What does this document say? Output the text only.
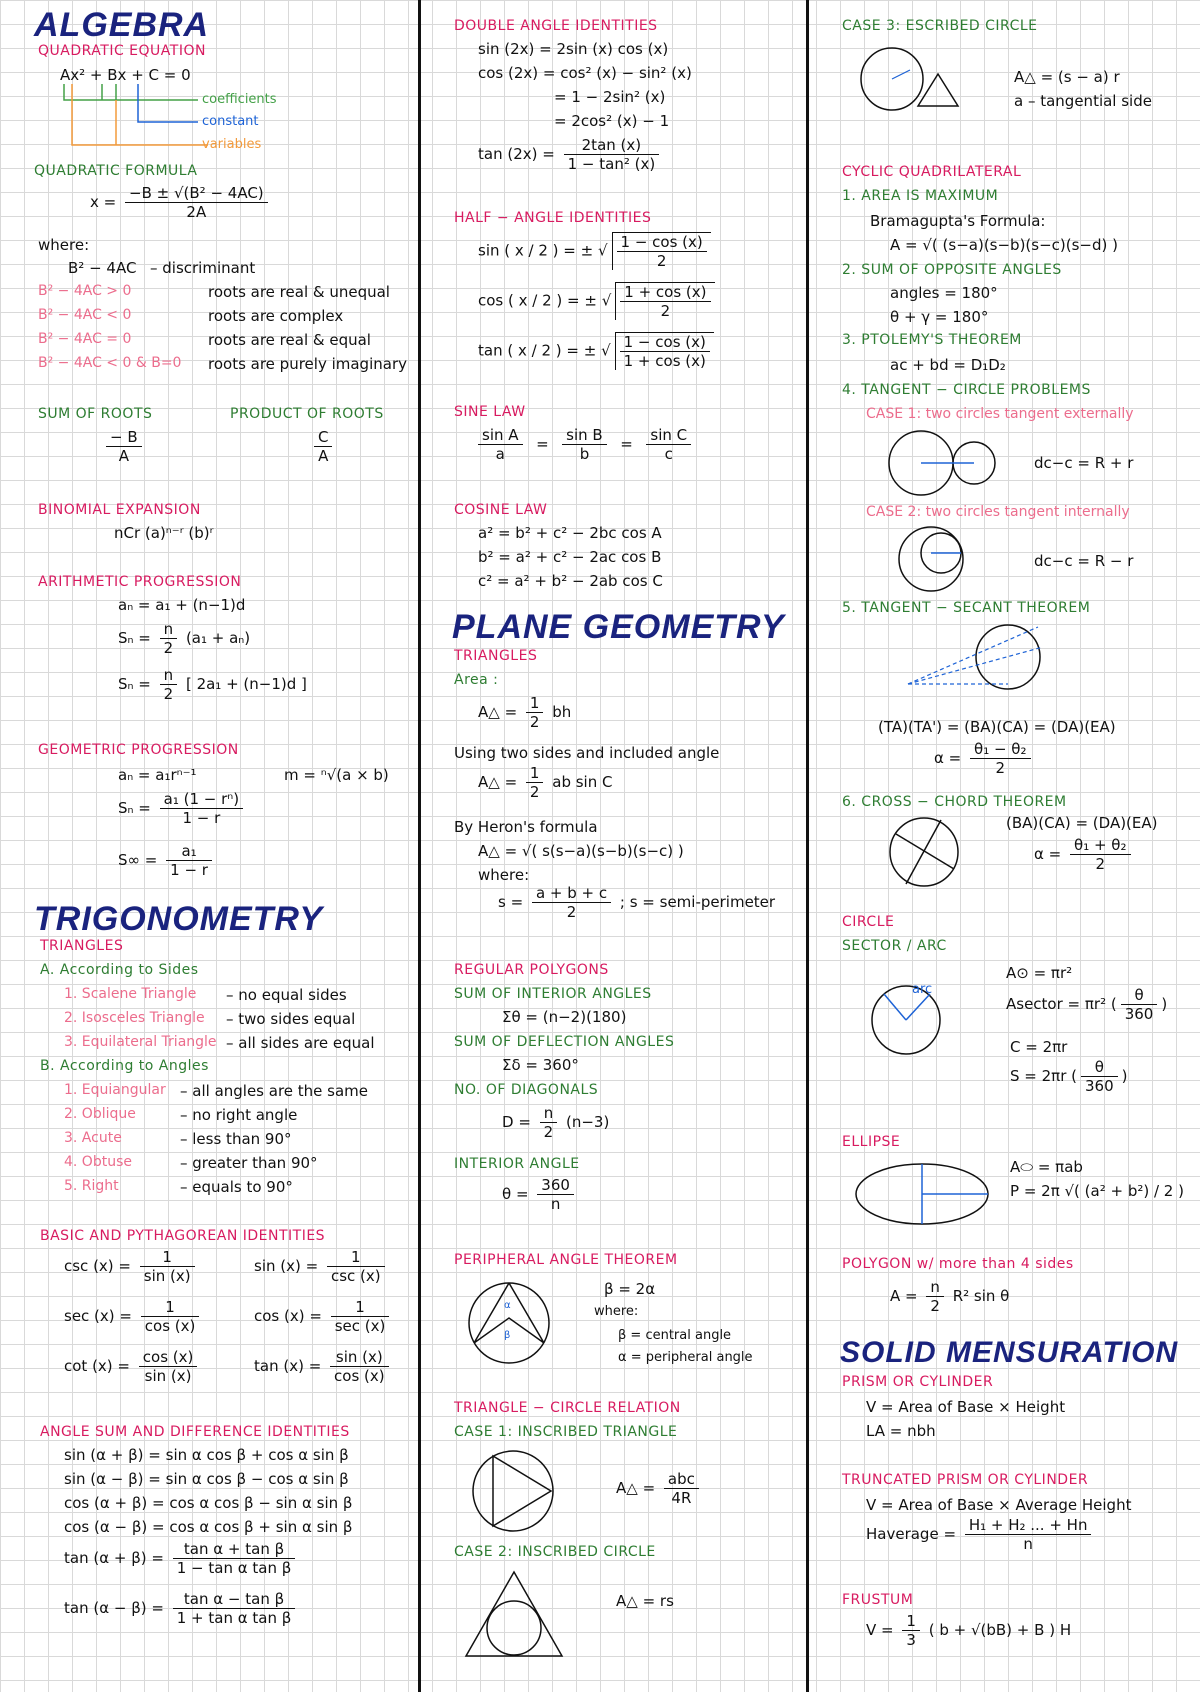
ALGEBRA
QUADRATIC EQUATION
Ax² + Bx + C = 0
coefficients
constant
variables
QUADRATIC FORMULA
$x = \frac{\text{−B ± √(B² − 4AC)}}{2A}$
where:
B² − 4AC – discriminant
B² − 4AC > 0	roots are real & unequal
B² − 4AC < 0	roots are complex
B² − 4AC = 0	roots are real & equal
B² − 4AC < 0 & B=0 roots are purely imaginary
SUM OF ROOTS
$\frac{- B}{A}$
PRODUCT OF ROOTS
$\frac{C}{A}$
BINOMIAL EXPANSION
nCr (a)ⁿ⁻ʳ (b)ʳ
ARITHMETIC PROGRESSION
aₙ = a₁ + (n−1)d
$S_n = \frac{n}{2} (a_1 + a_n)$
$S_n = \frac{n}{2}$ [ 2a₁ + (n−1)d ]
GEOMETRIC PROGRESSION
aₙ = a₁rⁿ⁻¹	m = ⁿ√(a × b)
$S_n = \frac{\text{a₁ (1 − rⁿ)}}{1 - r}$
$S\infty = \frac{\text{a₁}}{1 - r}$
TRIGONOMETRY
TRIANGLES
A. According to Sides
1. Scalene Triangle – no equal sides
2. Isosceles Triangle – two sides equal
3. Equilateral Triangle – all sides are equal
B. According to Angles
1. Equiangular – all angles are the same
2. Oblique	– no right angle
3. Acute	– less than 90°
4. Obtuse	– greater than 90°
5. Right	– equals to 90°
BASIC AND PYTHAGOREAN IDENTITIES
$\csc (x) = \frac{1}{\sin (x)}$	$\sin (x) = \frac{1}{\csc (x)}$
$\sec (x) = \frac{1}{\cos (x)}$	$\cos (x) = \frac{1}{\sec (x)}$
$\cot (x) = \frac{\cos (x)}{\sin (x)}$	$\tan (x) = \frac{\sin (x)}{\cos (x)}$
ANGLE SUM AND DIFFERENCE IDENTITIES
sin (α + β) = sin α cos β + cos α sin β
sin (α − β) = sin α cos β − cos α sin β
cos (α + β) = cos α cos β − sin α sin β
cos (α − β) = cos α cos β + sin α sin β
$\tan (\alpha + \beta) = \frac{\text{tan α + tan β}}{\text{1 − tan α tan β}}$
$\tan (\alpha - \beta) = \frac{\text{tan α − tan β}}{\text{1 + tan α tan β}}$
DOUBLE ANGLE IDENTITIES
sin (2x) = 2sin (x) cos (x)
cos (2x) = cos² (x) − sin² (x)
= 1 − 2sin² (x)
= 2cos² (x) − 1
$\tan (2x) = \frac{2\tan (x)}{\text{1 − tan² (x)}}$
HALF − ANGLE IDENTITIES
sin ( x / 2 ) = ± √ $\frac{1 - \cos (x)}{2}$
cos ( x / 2 ) = ± √ $\frac{1 + \cos (x)}{2}$
tan ( x / 2 ) = ± √ $\frac{1 - \cos (x)}{1 + \cos (x)}$
SINE LAW
$\frac{\text{sin A}}{a} = \frac{\text{sin B}}{b} = \frac{\text{sin C}}{c}$
COSINE LAW
a² = b² + c² − 2bc cos A
b² = a² + c² − 2ac cos B
c² = a² + b² − 2ab cos C
PLANE GEOMETRY
TRIANGLES
Area :
A△ = $\frac{1}{2}$ bh
Using two sides and included angle
A△ = $\frac{1}{2}$ ab sin C
By Heron's formula
A△ = √( s(s−a)(s−b)(s−c) )
where:
$s = \frac{a + b + c}{2}$ ; s = semi-perimeter
REGULAR POLYGONS
SUM OF INTERIOR ANGLES
Σθ = (n−2)(180)
SUM OF DEFLECTION ANGLES
Σδ = 360°
NO. OF DIAGONALS
$D = \frac{n}{2} (n-3)$
INTERIOR ANGLE
$\theta = \frac{360}{n}$
PERIPHERAL ANGLE THEOREM
α
β
β = 2α
where:
β = central angle
α = peripheral angle
TRIANGLE − CIRCLE RELATION
CASE 1: INSCRIBED TRIANGLE
A△ = $\frac{\text{abc}}{4R}$
CASE 2: INSCRIBED CIRCLE
A△ = rs
CASE 3: ESCRIBED CIRCLE
A△ = (s − a) r
a – tangential side
CYCLIC QUADRILATERAL
1. AREA IS MAXIMUM
Bramagupta's Formula:
A = √( (s−a)(s−b)(s−c)(s−d) )
2. SUM OF OPPOSITE ANGLES
angles = 180°
θ + γ = 180°
3. PTOLEMY'S THEOREM
ac + bd = D₁D₂
4. TANGENT − CIRCLE PROBLEMS
CASE 1: two circles tangent externally
dc−c = R + r
CASE 2: two circles tangent internally
dc−c = R − r
5. TANGENT − SECANT THEOREM
(TA)(TA') = (BA)(CA) = (DA)(EA)
$\alpha = \frac{\text{θ₁ − θ₂}}{2}$
6. CROSS − CHORD THEOREM
(BA)(CA) = (DA)(EA)
$\alpha = \frac{\text{θ₁ + θ₂}}{2}$
CIRCLE
SECTOR / ARC
arc
A⊙ = πr²
Asector = πr² ( $\frac{\theta}{360}$ )
C = 2πr
S = 2πr ( $\frac{\theta}{360}$ )
ELLIPSE
A⬭ = πab
P = 2π √( (a² + b²) / 2 )
POLYGON w/ more than 4 sides
$A = \frac{n}{2} R^2$ sin θ
SOLID MENSURATION
PRISM OR CYLINDER
V = Area of Base × Height
LA = nbh
TRUNCATED PRISM OR CYLINDER
V = Area of Base × Average Height
Haverage = $\frac{\text{H₁ + H₂ ... + Hn}}{n}$
FRUSTUM
$V = \frac{1}{3}$ ( b + √(bB) + B ) H
